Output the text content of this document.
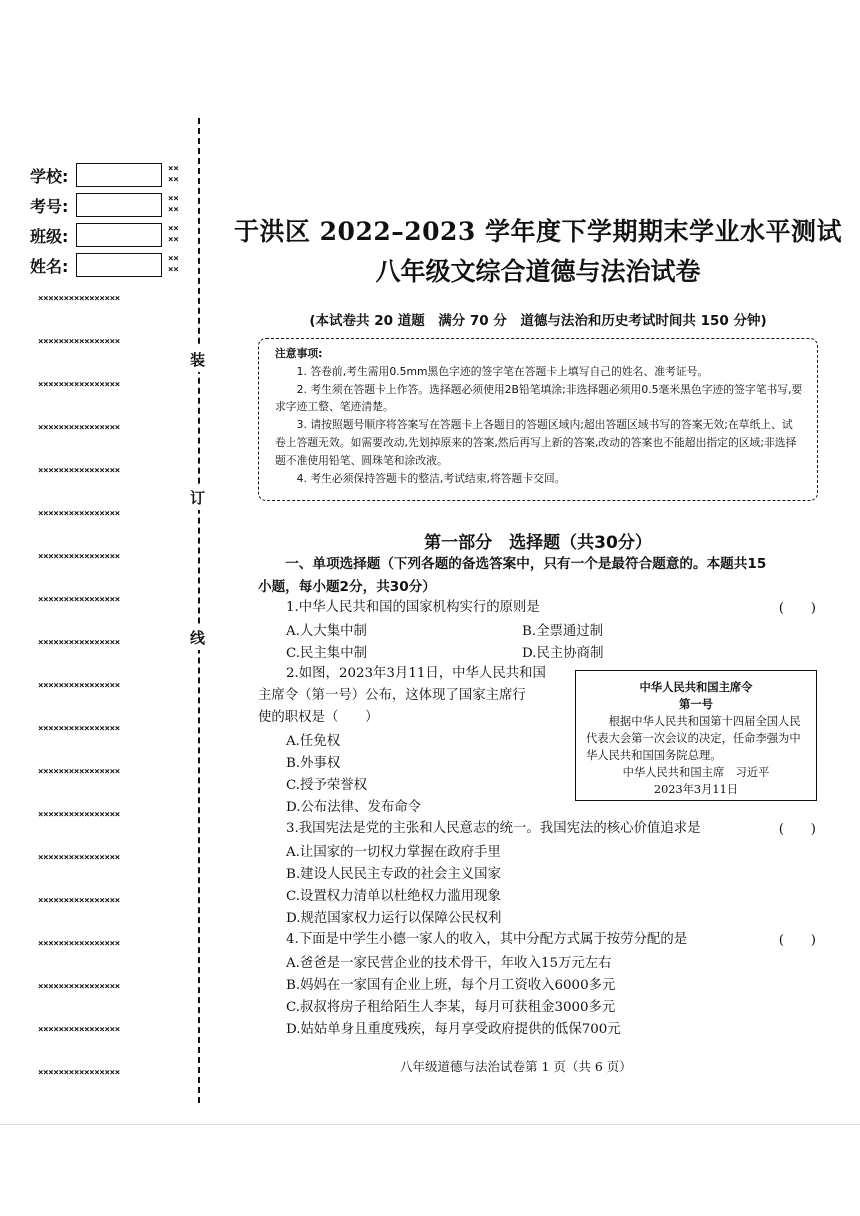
学校:	××
××
考号:	××
××
班级:	××
××
姓名:	××
××
××××××××××××××××
××××××××××××××××
××××××××××××××××
××××××××××××××××
××××××××××××××××
××××××××××××××××
××××××××××××××××
××××××××××××××××
××××××××××××××××
××××××××××××××××
××××××××××××××××
××××××××××××××××
××××××××××××××××
××××××××××××××××
××××××××××××××××
××××××××××××××××
××××××××××××××××
××××××××××××××××
××××××××××××××××
装
订
线
于洪区 2022–2023 学年度下学期期末学业水平测试
八年级文综合道德与法治试卷
(本试卷共 20 道题　满分 70 分　道德与法治和历史考试时间共 150 分钟)
注意事项:

1. 答卷前,考生需用0.5mm黑色字迹的签字笔在答题卡上填写自己的姓名、准考证号。

2. 考生须在答题卡上作答。选择题必须使用2B铅笔填涂;非选择题必须用0.5毫米黑色字迹的签字笔书写,要求字迹工整、笔迹清楚。

3. 请按照题号顺序将答案写在答题卡上各题目的答题区域内;超出答题区域书写的答案无效;在草纸上、试卷上答题无效。如需要改动,先划掉原来的答案,然后再写上新的答案,改动的答案也不能超出指定的区域;非选择题不准使用铅笔、圆珠笔和涂改液。

4. 考生必须保持答题卡的整洁,考试结束,将答题卡交回。

第一部分　选择题（共30分）
一、单项选择题（下列各题的备选答案中，只有一个是最符合题意的。本题共15
小题，每小题2分，共30分）
1.中华人民共和国的国家机构实行的原则是	(　　)
A.人大集中制	B.全票通过制
C.民主集中制	D.民主协商制
2.如图，2023年3月11日，中华人民共和国
主席令（第一号）公布，这体现了国家主席行
使的职权是（　　）
A.任免权
B.外事权
C.授予荣誉权
D.公布法律、发布命令
中华人民共和国主席令
第一号

根据中华人民共和国第十四届全国人民代表大会第一次会议的决定，任命李强为中华人民共和国国务院总理。

中华人民共和国主席　习近平

2023年3月11日

3.我国宪法是党的主张和人民意志的统一。我国宪法的核心价值追求是	(　　)
A.让国家的一切权力掌握在政府手里
B.建设人民民主专政的社会主义国家
C.设置权力清单以杜绝权力滥用现象
D.规范国家权力运行以保障公民权利
4.下面是中学生小德一家人的收入，其中分配方式属于按劳分配的是	(　　)
A.爸爸是一家民营企业的技术骨干，年收入15万元左右
B.妈妈在一家国有企业上班，每个月工资收入6000多元
C.叔叔将房子租给陌生人李某，每月可获租金3000多元
D.姑姑单身且重度残疾，每月享受政府提供的低保700元
八年级道德与法治试卷第 1 页（共 6 页）
